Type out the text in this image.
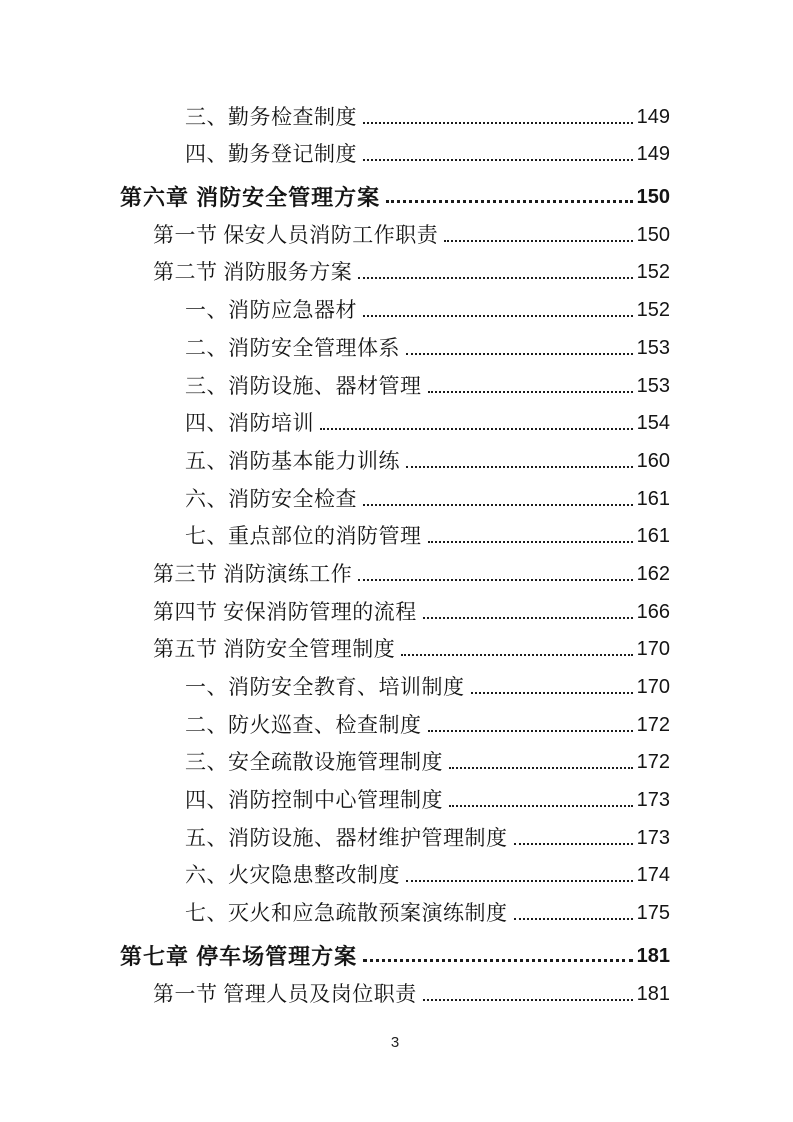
三、勤务检查制度	149
四、勤务登记制度	149
第六章 消防安全管理方案	150
第一节 保安人员消防工作职责	150
第二节 消防服务方案	152
一、消防应急器材	152
二、消防安全管理体系	153
三、消防设施、器材管理	153
四、消防培训	154
五、消防基本能力训练	160
六、消防安全检查	161
七、重点部位的消防管理	161
第三节 消防演练工作	162
第四节 安保消防管理的流程	166
第五节 消防安全管理制度	170
一、消防安全教育、培训制度	170
二、防火巡查、检查制度	172
三、安全疏散设施管理制度	172
四、消防控制中心管理制度	173
五、消防设施、器材维护管理制度	173
六、火灾隐患整改制度	174
七、灭火和应急疏散预案演练制度	175
第七章 停车场管理方案	181
第一节 管理人员及岗位职责	181
3
